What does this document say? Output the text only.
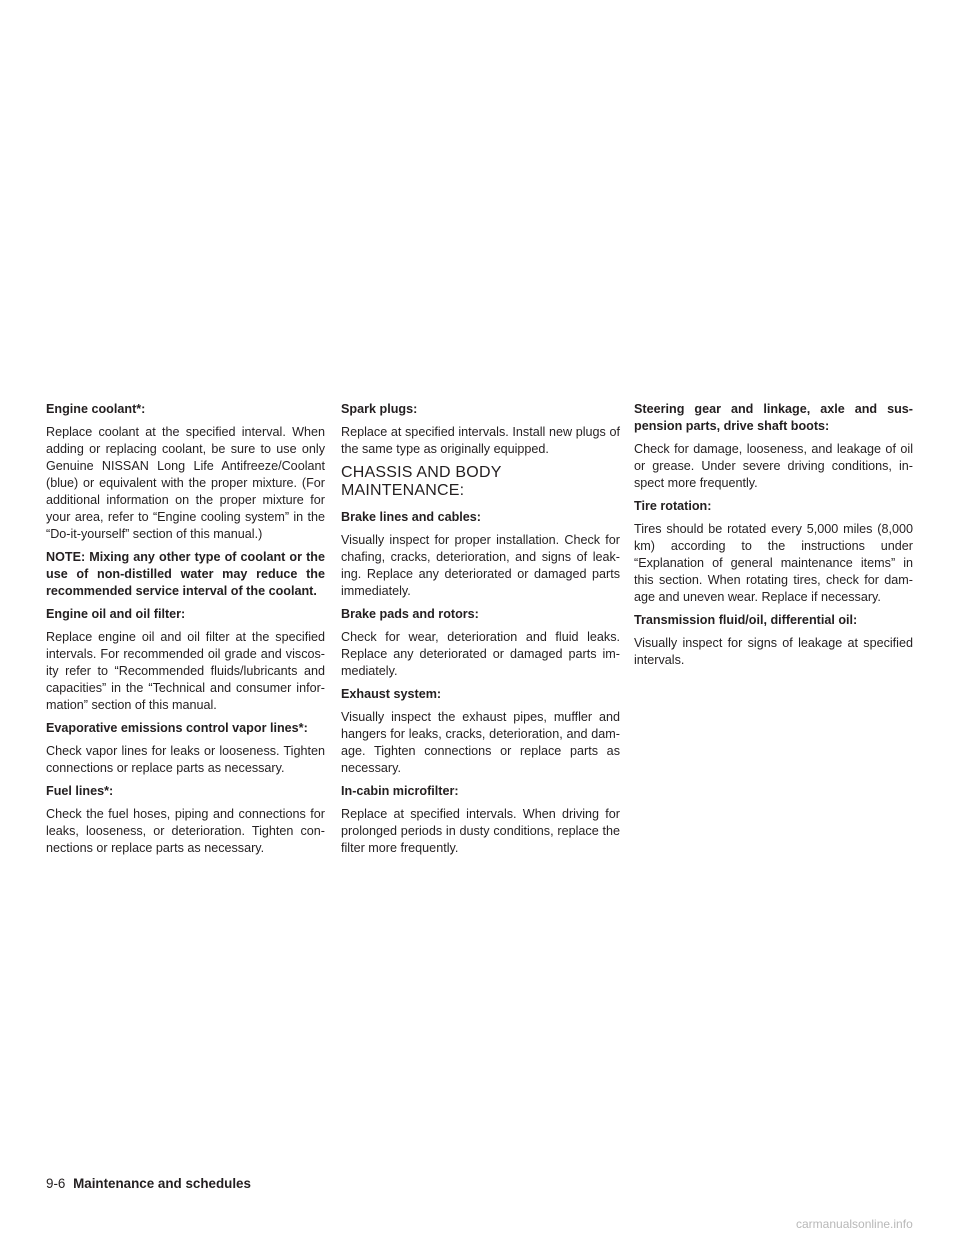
Engine coolant*:

Replace coolant at the specified interval. When adding or replacing coolant, be sure to use only Genuine NISSAN Long Life Antifreeze/Coolant (blue) or equivalent with the proper mixture. (For additional information on the proper mixture for your area, refer to “Engine cooling system” in the “Do-it-yourself” section of this manual.)

NOTE: Mixing any other type of coolant or the use of non-distilled water may reduce the recommended service interval of the coolant.

Engine oil and oil filter:

Replace engine oil and oil filter at the specified intervals. For recommended oil grade and viscos-ity refer to “Recommended fluids/lubricants and capacities” in the “Technical and consumer infor-mation” section of this manual.

Evaporative emissions control vapor lines*:

Check vapor lines for leaks or looseness. Tighten connections or replace parts as necessary.

Fuel lines*:

Check the fuel hoses, piping and connections for leaks, looseness, or deterioration. Tighten con-nections or replace parts as necessary.

Spark plugs:

Replace at specified intervals. Install new plugs of the same type as originally equipped.

CHASSIS AND BODY
MAINTENANCE:

Brake lines and cables:

Visually inspect for proper installation. Check for chafing, cracks, deterioration, and signs of leak-ing. Replace any deteriorated or damaged parts immediately.

Brake pads and rotors:

Check for wear, deterioration and fluid leaks. Replace any deteriorated or damaged parts im-mediately.

Exhaust system:

Visually inspect the exhaust pipes, muffler and hangers for leaks, cracks, deterioration, and dam-age. Tighten connections or replace parts as necessary.

In-cabin microfilter:

Replace at specified intervals. When driving for prolonged periods in dusty conditions, replace the filter more frequently.

Steering gear and linkage, axle and sus-pension parts, drive shaft boots:

Check for damage, looseness, and leakage of oil or grease. Under severe driving conditions, in-spect more frequently.

Tire rotation:

Tires should be rotated every 5,000 miles (8,000 km) according to the instructions under “Explanation of general maintenance items” in this section. When rotating tires, check for dam-age and uneven wear. Replace if necessary.

Transmission fluid/oil, differential oil:

Visually inspect for signs of leakage at specified intervals.

9-6 Maintenance and schedules
carmanualsonline.info
